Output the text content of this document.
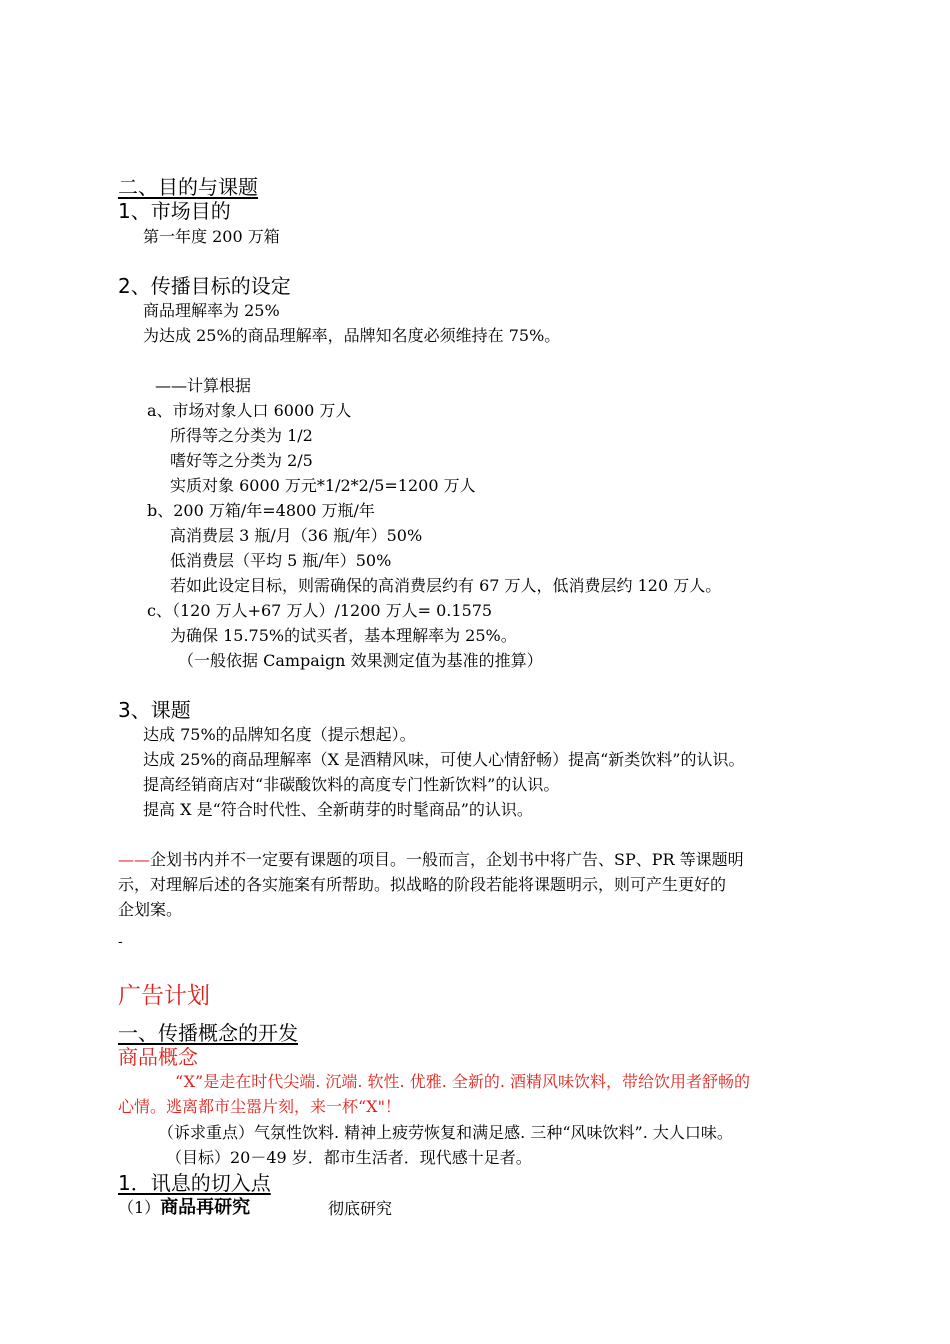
二、目的与课题
1、市场目的
第一年度 200 万箱
2、传播目标的设定
商品理解率为 25%
为达成 25%的商品理解率，品牌知名度必须维持在 75%。
——计算根据
a、市场对象人口 6000 万人
所得等之分类为 1/2
嗜好等之分类为 2/5
实质对象 6000 万元*1/2*2/5=1200 万人
b、200 万箱/年=4800 万瓶/年
高消费层 3 瓶/月（36 瓶/年）50%
低消费层（平均 5 瓶/年）50%
若如此设定目标，则需确保的高消费层约有 67 万人，低消费层约 120 万人。
c、（120 万人+67 万人）/1200 万人= 0.1575
为确保 15.75%的试买者，基本理解率为 25%。
（一般依据 Campaign 效果测定值为基准的推算）
3、课题
达成 75%的品牌知名度（提示想起）。
达成 25%的商品理解率（X 是酒精风味，可使人心情舒畅）提高“新类饮料”的认识。
提高经销商店对“非碳酸饮料的高度专门性新饮料”的认识。
提高 X 是“符合时代性、全新萌芽的时髦商品”的认识。
——企划书内并不一定要有课题的项目。一般而言，企划书中将广告、SP、PR 等课题明
示，对理解后述的各实施案有所帮助。拟战略的阶段若能将课题明示，则可产生更好的
企划案。
-
广告计划
一、传播概念的开发
商品概念
“X”是走在时代尖端. 沉端. 软性. 优雅. 全新的. 酒精风味饮料，带给饮用者舒畅的
心情。逃离都市尘嚣片刻，来一杯“X"！
（诉求重点）气氛性饮料. 精神上疲劳恢复和满足感. 三种“风味饮料”. 大人口味。
（目标）20－49 岁．都市生活者．现代感十足者。
1．讯息的切入点
（1）商品再研究	彻底研究
